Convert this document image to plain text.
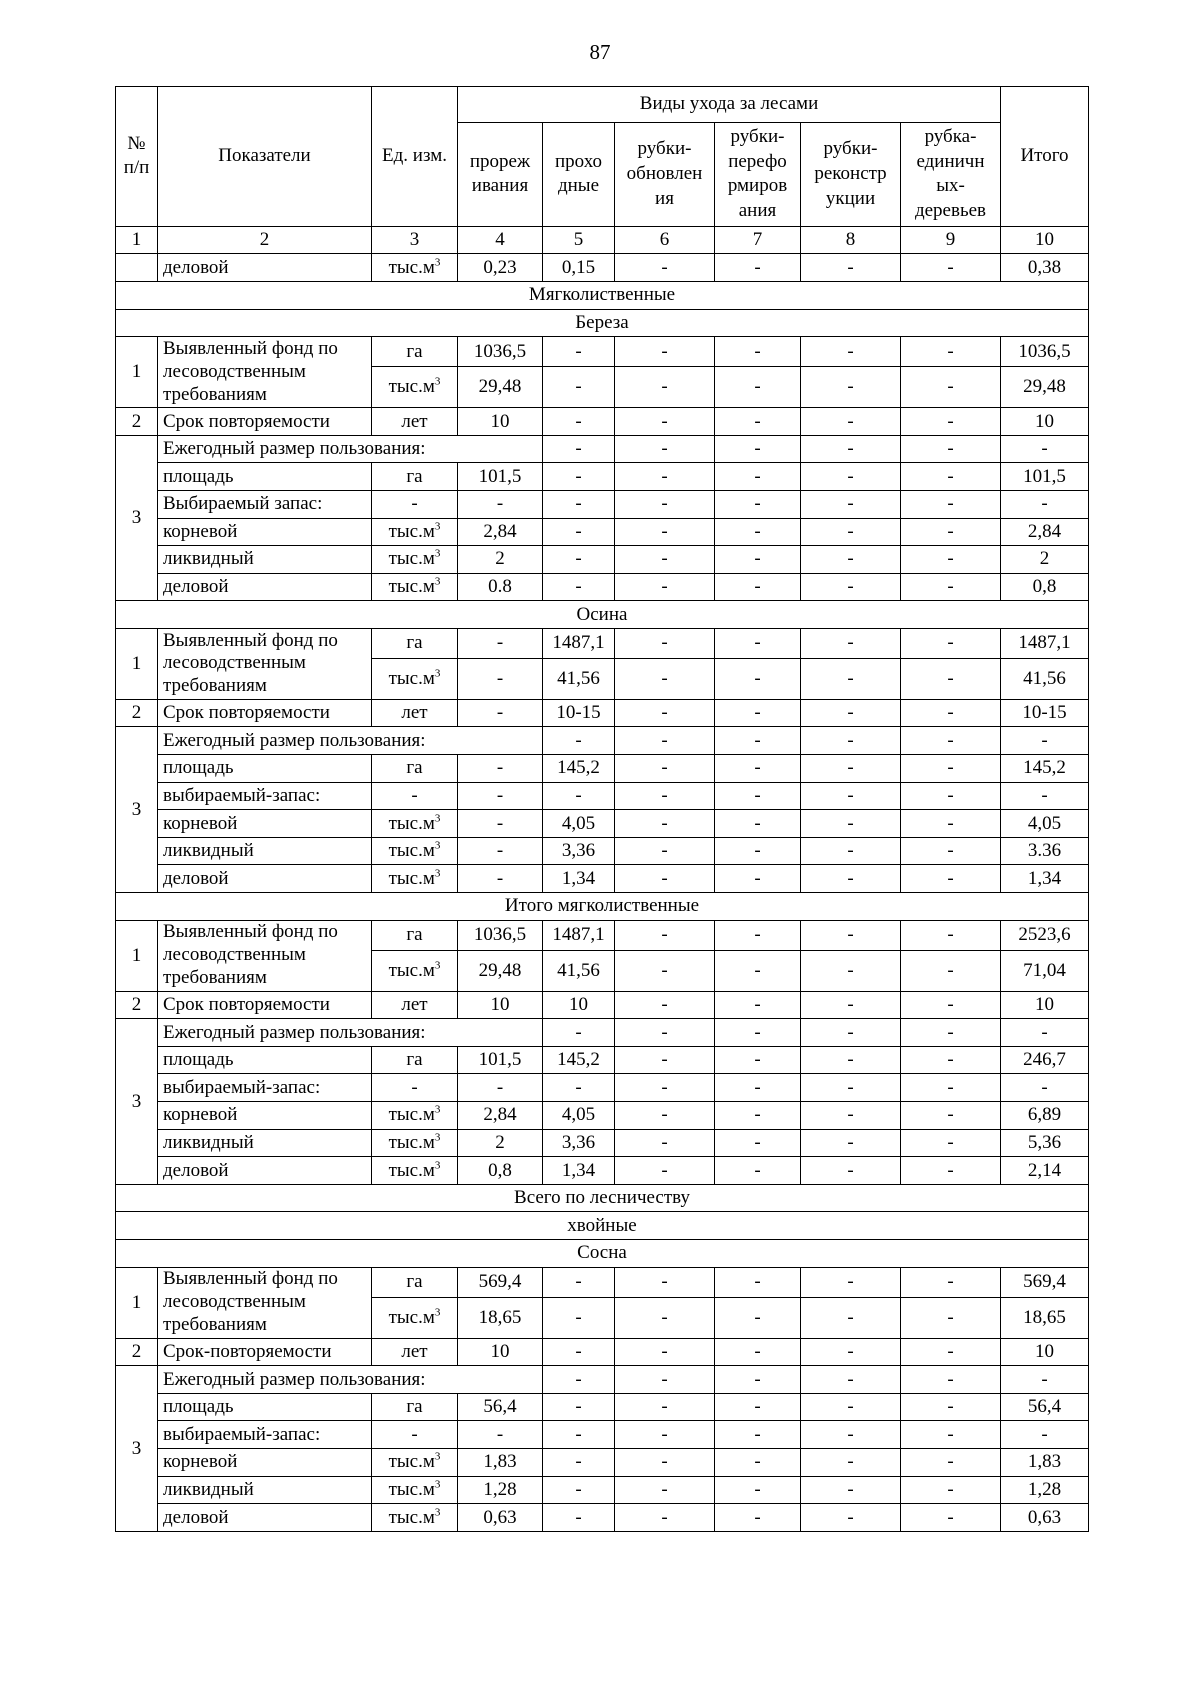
87
№ п/п	Показатели	Ед. изм.	Виды ухода за лесами						Итого
			прореж ивания	прохо дные	рубки- обновлен ия	рубки- перефо рмиров ания	рубки- реконстр укции	рубка- единичн ых- деревьев	
1	2	3	4	5	6	7	8	9	10
	деловой	$тыс.м^3$	0,23	0,15	-	-	-	-	0,38
Мягколиственные									
Береза									
1	Выявленный фонд по лесоводственным требованиям	га	1036,5	-	-	-	-	-	1036,5
		$тыс.м^3$	29,48	-	-	-	-	-	29,48
2	Срок повторяемости	лет	10	-	-	-	-	-	10
3	Ежегодный размер пользования:			-	-	-	-	-	-
	площадь	га	101,5	-	-	-	-	-	101,5
	Выбираемый запас:	-	-	-	-	-	-	-	-
	корневой	$тыс.м^3$	2,84	-	-	-	-	-	2,84
	ликвидный	$тыс.м^3$	2	-	-	-	-	-	2
	деловой	$тыс.м^3$	0.8	-	-	-	-	-	0,8
Осина									
1	Выявленный фонд по лесоводственным требованиям	га	-	1487,1	-	-	-	-	1487,1
		$тыс.м^3$	-	41,56	-	-	-	-	41,56
2	Срок повторяемости	лет	-	10-15	-	-	-	-	10-15
3	Ежегодный размер пользования:			-	-	-	-	-	-
	площадь	га	-	145,2	-	-	-	-	145,2
	выбираемый-запас:	-	-	-	-	-	-	-	-
	корневой	$тыс.м^3$	-	4,05	-	-	-	-	4,05
	ликвидный	$тыс.м^3$	-	3,36	-	-	-	-	3.36
	деловой	$тыс.м^3$	-	1,34	-	-	-	-	1,34
Итого мягколиственные									
1	Выявленный фонд по лесоводственным требованиям	га	1036,5	1487,1	-	-	-	-	2523,6
		$тыс.м^3$	29,48	41,56	-	-	-	-	71,04
2	Срок повторяемости	лет	10	10	-	-	-	-	10
3	Ежегодный размер пользования:			-	-	-	-	-	-
	площадь	га	101,5	145,2	-	-	-	-	246,7
	выбираемый-запас:	-	-	-	-	-	-	-	-
	корневой	$тыс.м^3$	2,84	4,05	-	-	-	-	6,89
	ликвидный	$тыс.м^3$	2	3,36	-	-	-	-	5,36
	деловой	$тыс.м^3$	0,8	1,34	-	-	-	-	2,14
Всего по лесничеству									
хвойные									
Сосна									
1	Выявленный фонд по лесоводственным требованиям	га	569,4	-	-	-	-	-	569,4
		$тыс.м^3$	18,65	-	-	-	-	-	18,65
2	Срок-повторяемости	лет	10	-	-	-	-	-	10
3	Ежегодный размер пользования:			-	-	-	-	-	-
	площадь	га	56,4	-	-	-	-	-	56,4
	выбираемый-запас:	-	-	-	-	-	-	-	-
	корневой	$тыс.м^3$	1,83	-	-	-	-	-	1,83
	ликвидный	$тыс.м^3$	1,28	-	-	-	-	-	1,28
	деловой	$тыс.м^3$	0,63	-	-	-	-	-	0,63
